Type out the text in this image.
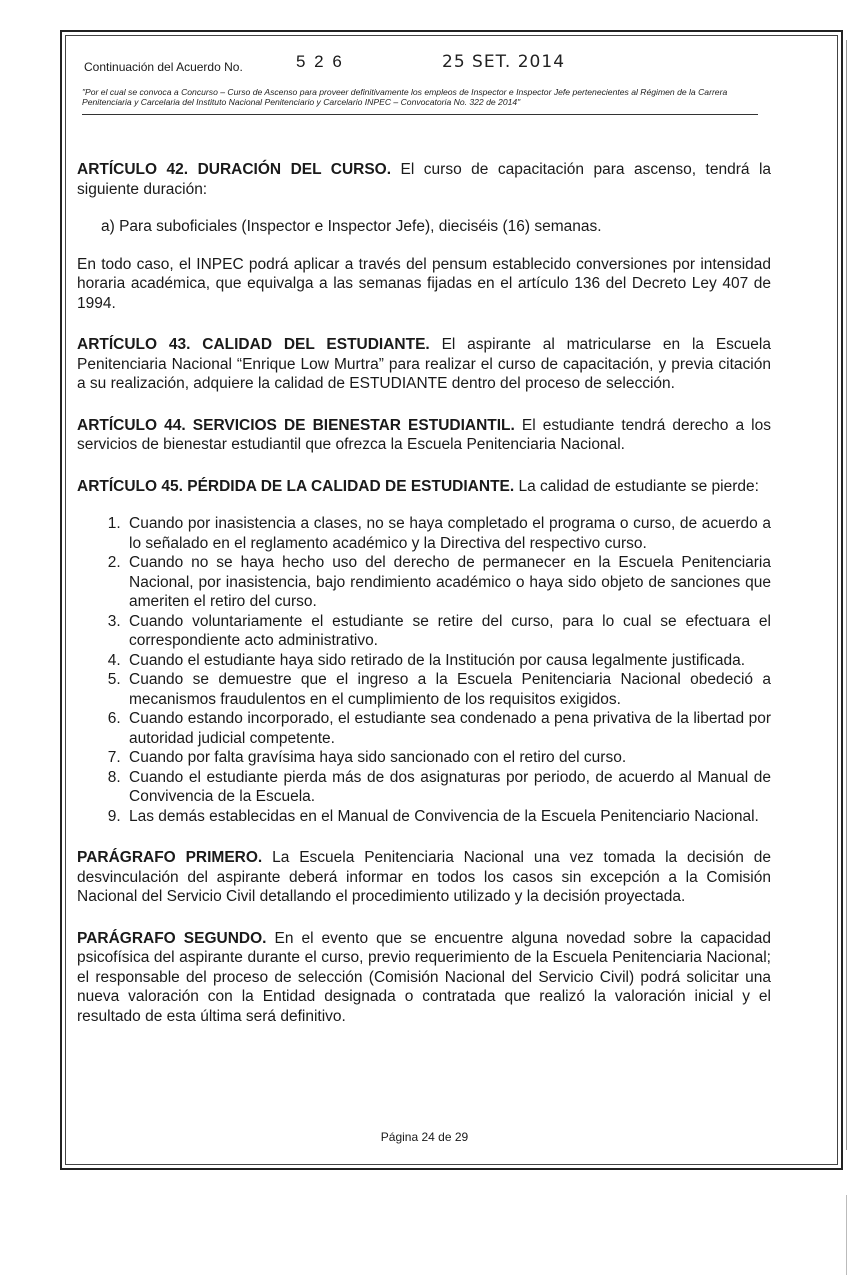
Continuación del Acuerdo No.	5 2 6	25 SET. 2014
"Por el cual se convoca a Concurso – Curso de Ascenso para proveer definitivamente los empleos de Inspector e Inspector Jefe pertenecientes al Régimen de la Carrera Penitenciaria y Carcelaria del Instituto Nacional Penitenciario y Carcelario INPEC – Convocatoria No. 322 de 2014"

ARTÍCULO 42. DURACIÓN DEL CURSO. El curso de capacitación para ascenso, tendrá la siguiente duración:

a) Para suboficiales (Inspector e Inspector Jefe), dieciséis (16) semanas.

En todo caso, el INPEC podrá aplicar a través del pensum establecido conversiones por intensidad horaria académica, que equivalga a las semanas fijadas en el artículo 136 del Decreto Ley 407 de 1994.

ARTÍCULO 43. CALIDAD DEL ESTUDIANTE. El aspirante al matricularse en la Escuela Penitenciaria Nacional “Enrique Low Murtra” para realizar el curso de capacitación, y previa citación a su realización, adquiere la calidad de ESTUDIANTE dentro del proceso de selección.

ARTÍCULO 44. SERVICIOS DE BIENESTAR ESTUDIANTIL. El estudiante tendrá derecho a los servicios de bienestar estudiantil que ofrezca la Escuela Penitenciaria Nacional.

ARTÍCULO 45. PÉRDIDA DE LA CALIDAD DE ESTUDIANTE. La calidad de estudiante se pierde:

1. Cuando por inasistencia a clases, no se haya completado el programa o curso, de acuerdo a lo señalado en el reglamento académico y la Directiva del respectivo curso.
2. Cuando no se haya hecho uso del derecho de permanecer en la Escuela Penitenciaria Nacional, por inasistencia, bajo rendimiento académico o haya sido objeto de sanciones que ameriten el retiro del curso.
3. Cuando voluntariamente el estudiante se retire del curso, para lo cual se efectuara el correspondiente acto administrativo.
4. Cuando el estudiante haya sido retirado de la Institución por causa legalmente justificada.
5. Cuando se demuestre que el ingreso a la Escuela Penitenciaria Nacional obedeció a mecanismos fraudulentos en el cumplimiento de los requisitos exigidos.
6. Cuando estando incorporado, el estudiante sea condenado a pena privativa de la libertad por autoridad judicial competente.
7. Cuando por falta gravísima haya sido sancionado con el retiro del curso.
8. Cuando el estudiante pierda más de dos asignaturas por periodo, de acuerdo al Manual de Convivencia de la Escuela.
9. Las demás establecidas en el Manual de Convivencia de la Escuela Penitenciario Nacional.

PARÁGRAFO PRIMERO. La Escuela Penitenciaria Nacional una vez tomada la decisión de desvinculación del aspirante deberá informar en todos los casos sin excepción a la Comisión Nacional del Servicio Civil detallando el procedimiento utilizado y la decisión proyectada.

PARÁGRAFO SEGUNDO. En el evento que se encuentre alguna novedad sobre la capacidad psicofísica del aspirante durante el curso, previo requerimiento de la Escuela Penitenciaria Nacional; el responsable del proceso de selección (Comisión Nacional del Servicio Civil) podrá solicitar una nueva valoración con la Entidad designada o contratada que realizó la valoración inicial y el resultado de esta última será definitivo.

Página 24 de 29
